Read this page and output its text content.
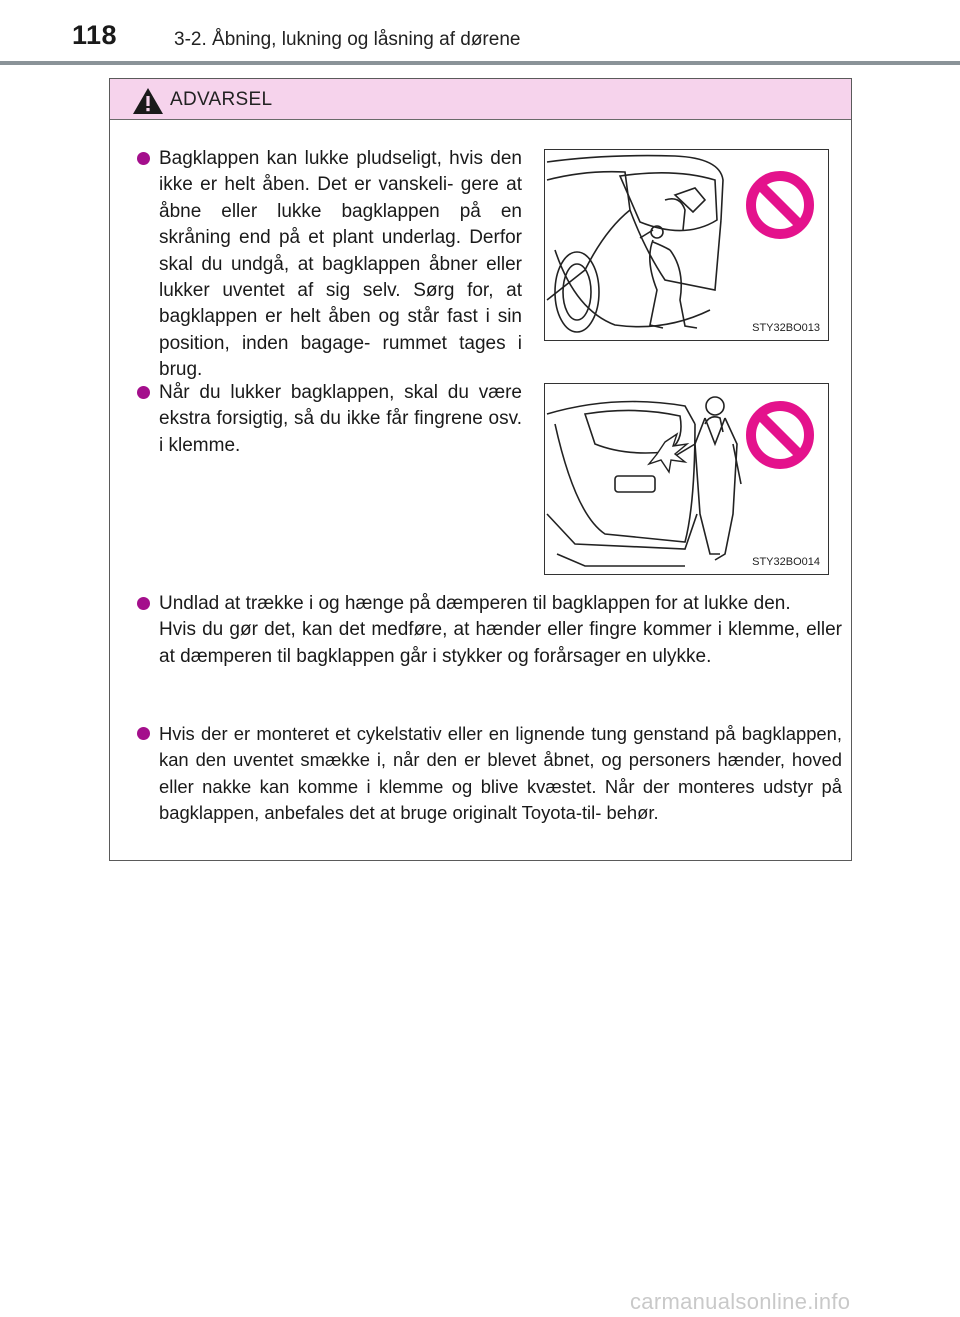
118	3-2. Åbning, lukning og låsning af dørene
ADVARSEL
Bagklappen kan lukke pludseligt, hvis den ikke er helt åben. Det er vanskeli- gere at åbne eller lukke bagklappen på en skråning end på et plant underlag. Derfor skal du undgå, at bagklappen åbner eller lukker uventet af sig selv. Sørg for, at bagklappen er helt åben og står fast i sin position, inden bagage- rummet tages i brug.
STY32BO013
Når du lukker bagklappen, skal du være ekstra forsigtig, så du ikke får fingrene osv. i klemme.
STY32BO014
Undlad at trække i og hænge på dæmperen til bagklappen for at lukke den.
Hvis du gør det, kan det medføre, at hænder eller fingre kommer i klemme, eller at dæmperen til bagklappen går i stykker og forårsager en ulykke.
Hvis der er monteret et cykelstativ eller en lignende tung genstand på bagklappen, kan den uventet smække i, når den er blevet åbnet, og personers hænder, hoved eller nakke kan komme i klemme og blive kvæstet. Når der monteres udstyr på bagklappen, anbefales det at bruge originalt Toyota-til- behør.
carmanualsonline.info
